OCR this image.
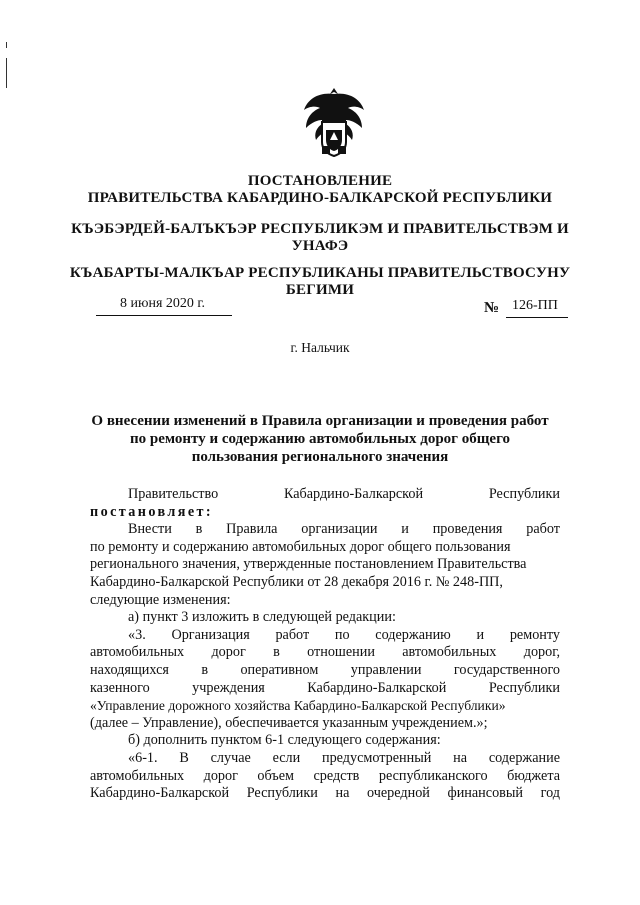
ПОСТАНОВЛЕНИЕ
ПРАВИТЕЛЬСТВА КАБАРДИНО-БАЛКАРСКОЙ РЕСПУБЛИКИ
КЪЭБЭРДЕЙ-БАЛЪКЪЭР РЕСПУБЛИКЭМ И ПРАВИТЕЛЬСТВЭМ И
УНАФЭ
КЪАБАРТЫ-МАЛКЪАР РЕСПУБЛИКАНЫ ПРАВИТЕЛЬСТВОСУНУ
БЕГИМИ
8 июня 2020 г.	№ 126-ПП
г. Нальчик
О внесении изменений в Правила организации и проведения работ
по ремонту и содержанию автомобильных дорог общего
пользования регионального значения
Правительство Кабардино-Балкарской Республики
постановляет:
Внести в Правила организации и проведения работ
по ремонту и содержанию автомобильных дорог общего пользования
регионального значения, утвержденные постановлением Правительства
Кабардино-Балкарской Республики от 28 декабря 2016 г. № 248-ПП,
следующие изменения:
а) пункт 3 изложить в следующей редакции:
«3. Организация работ по содержанию и ремонту
автомобильных дорог в отношении автомобильных дорог,
находящихся в оперативном управлении государственного
казенного учреждения Кабардино-Балкарской Республики
«Управление дорожного хозяйства Кабардино-Балкарской Республики»
(далее – Управление), обеспечивается указанным учреждением.»;
б) дополнить пунктом 6-1 следующего содержания:
«6-1. В случае если предусмотренный на содержание
автомобильных дорог объем средств республиканского бюджета
Кабардино-Балкарской Республики на очередной финансовый год
